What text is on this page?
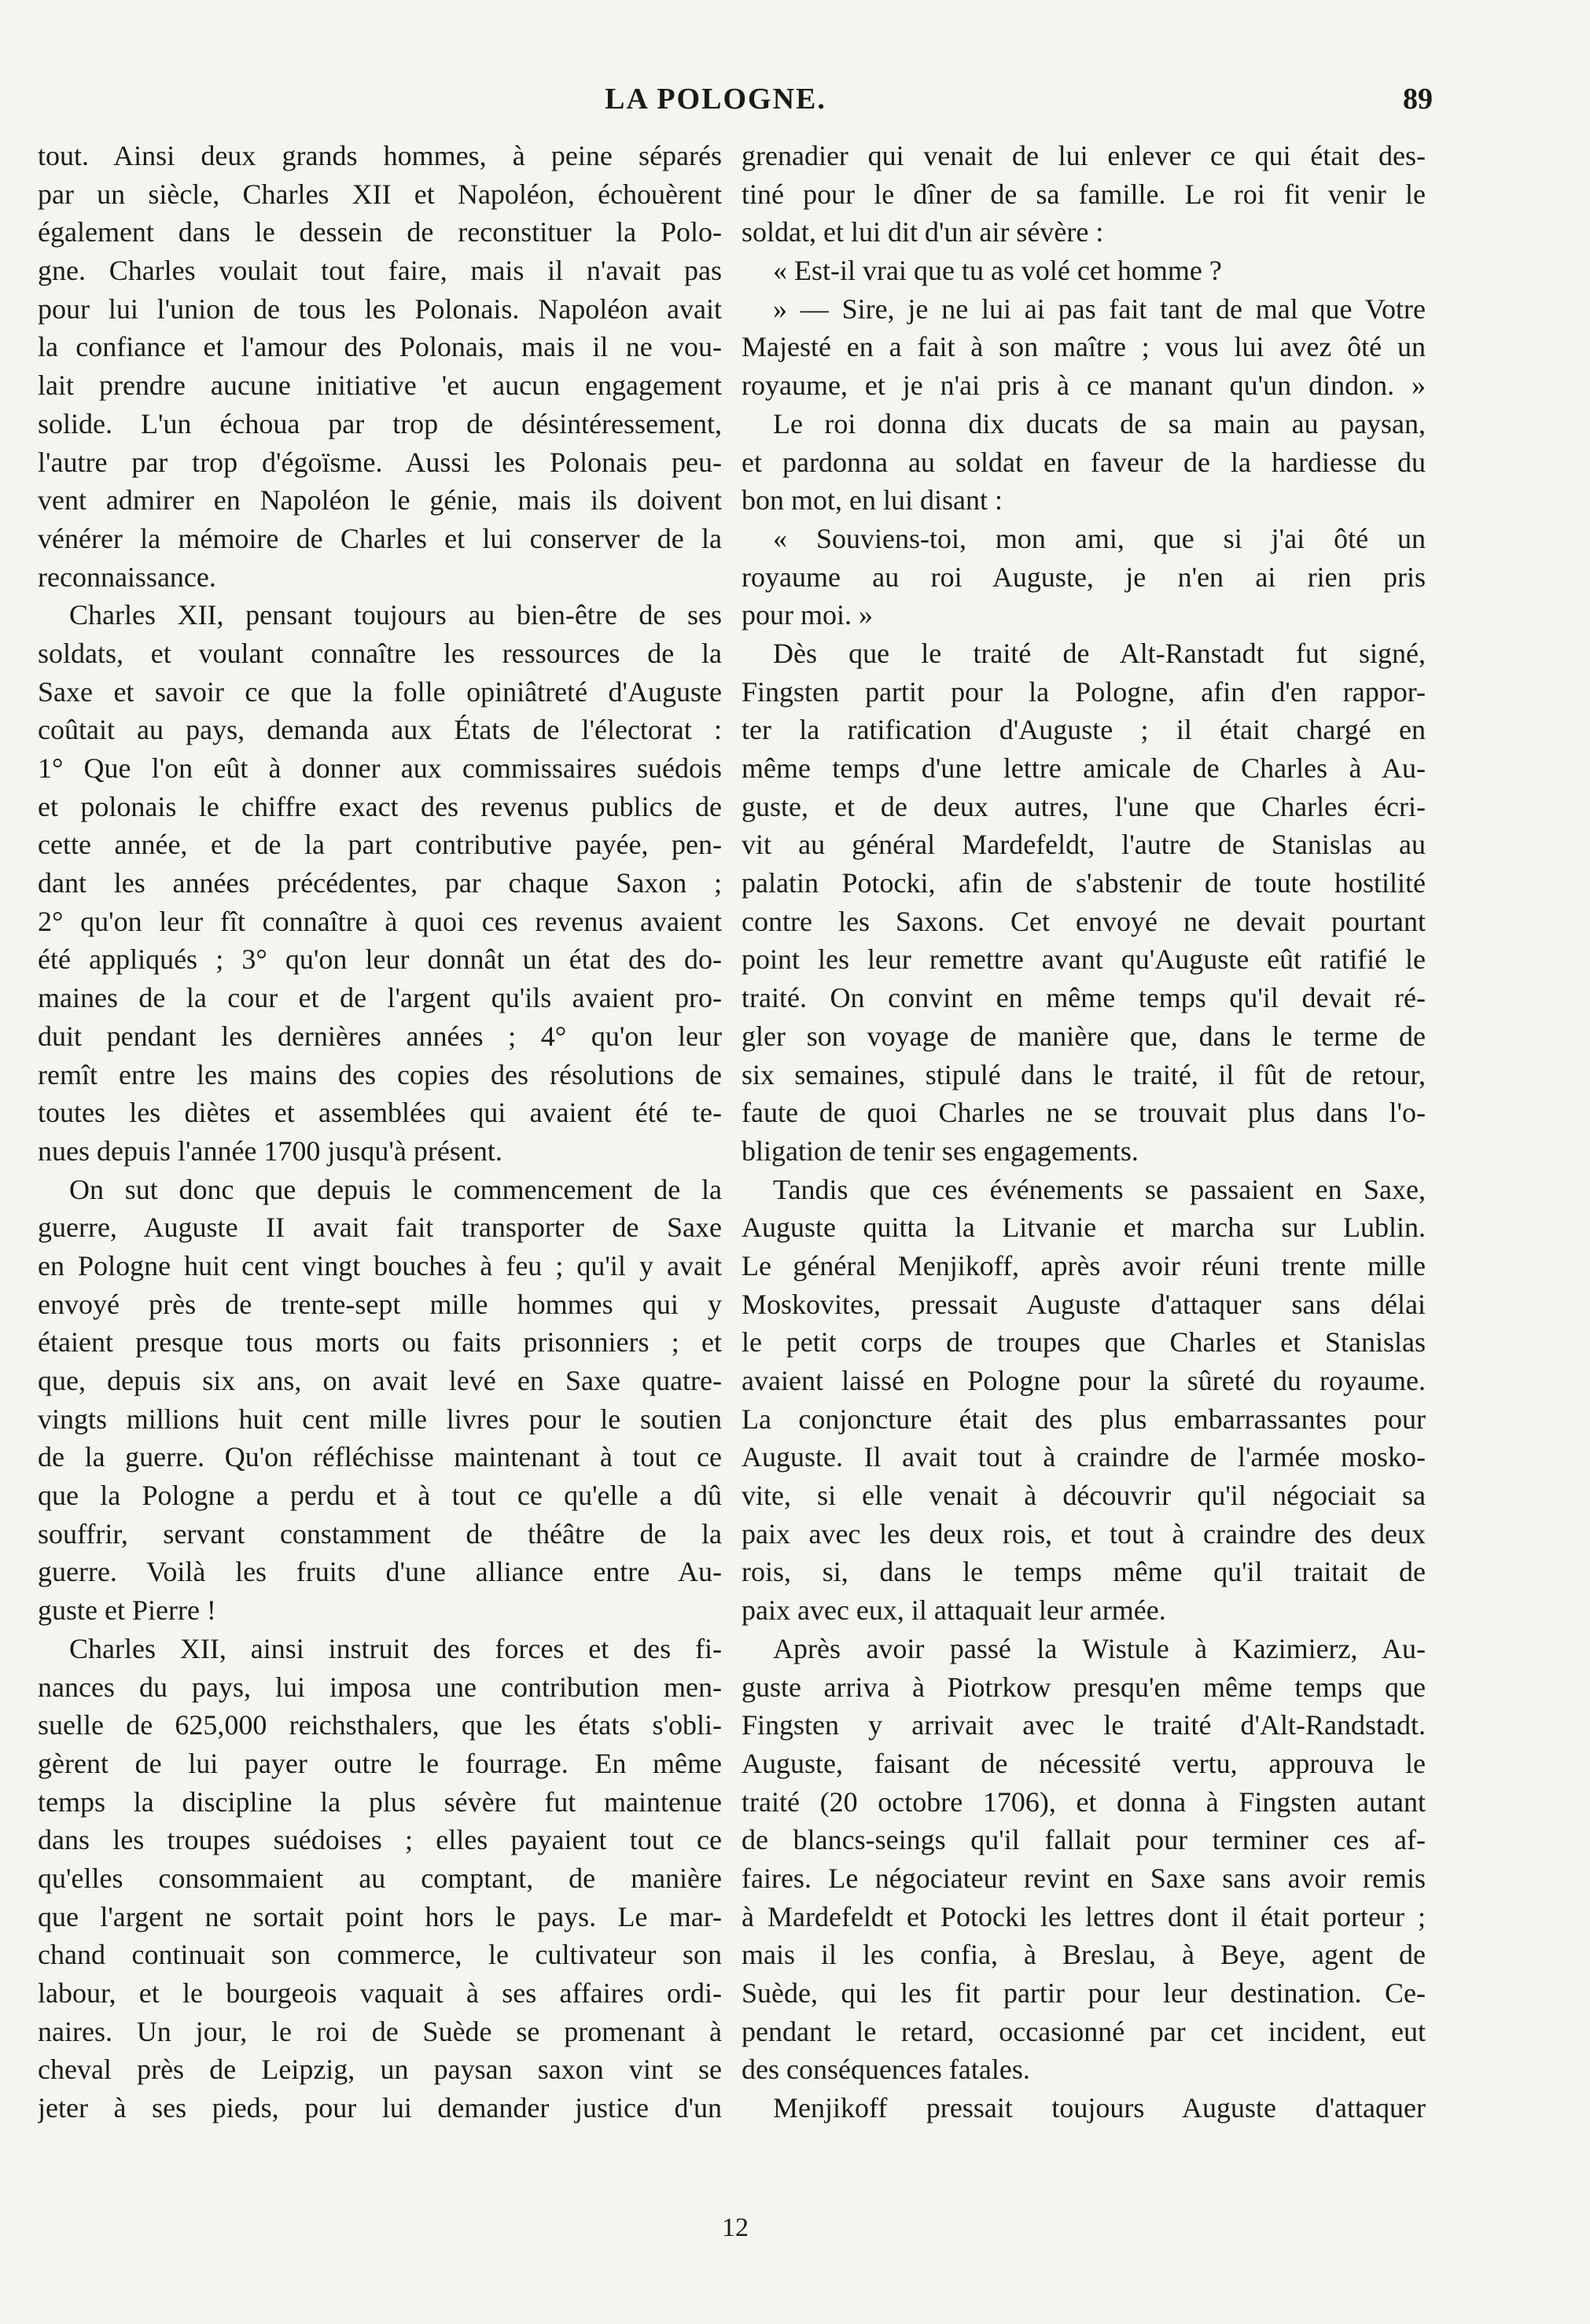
LA POLOGNE.	89
tout. Ainsi deux grands hommes, à peine séparés
par un siècle, Charles XII et Napoléon, échouèrent
également dans le dessein de reconstituer la Polo-
gne. Charles voulait tout faire, mais il n'avait pas
pour lui l'union de tous les Polonais. Napoléon avait
la confiance et l'amour des Polonais, mais il ne vou-
lait prendre aucune initiative 'et aucun engagement
solide. L'un échoua par trop de désintéressement,
l'autre par trop d'égoïsme. Aussi les Polonais peu-
vent admirer en Napoléon le génie, mais ils doivent
vénérer la mémoire de Charles et lui conserver de la
reconnaissance.
Charles XII, pensant toujours au bien-être de ses
soldats, et voulant connaître les ressources de la
Saxe et savoir ce que la folle opiniâtreté d'Auguste
coûtait au pays, demanda aux États de l'électorat :
1° Que l'on eût à donner aux commissaires suédois
et polonais le chiffre exact des revenus publics de
cette année, et de la part contributive payée, pen-
dant les années précédentes, par chaque Saxon ;
2° qu'on leur fît connaître à quoi ces revenus avaient
été appliqués ; 3° qu'on leur donnât un état des do-
maines de la cour et de l'argent qu'ils avaient pro-
duit pendant les dernières années ; 4° qu'on leur
remît entre les mains des copies des résolutions de
toutes les diètes et assemblées qui avaient été te-
nues depuis l'année 1700 jusqu'à présent.
On sut donc que depuis le commencement de la
guerre, Auguste II avait fait transporter de Saxe
en Pologne huit cent vingt bouches à feu ; qu'il y avait
envoyé près de trente-sept mille hommes qui y
étaient presque tous morts ou faits prisonniers ; et
que, depuis six ans, on avait levé en Saxe quatre-
vingts millions huit cent mille livres pour le soutien
de la guerre. Qu'on réfléchisse maintenant à tout ce
que la Pologne a perdu et à tout ce qu'elle a dû
souffrir, servant constamment de théâtre de la
guerre. Voilà les fruits d'une alliance entre Au-
guste et Pierre !
Charles XII, ainsi instruit des forces et des fi-
nances du pays, lui imposa une contribution men-
suelle de 625,000 reichsthalers, que les états s'obli-
gèrent de lui payer outre le fourrage. En même
temps la discipline la plus sévère fut maintenue
dans les troupes suédoises ; elles payaient tout ce
qu'elles consommaient au comptant, de manière
que l'argent ne sortait point hors le pays. Le mar-
chand continuait son commerce, le cultivateur son
labour, et le bourgeois vaquait à ses affaires ordi-
naires. Un jour, le roi de Suède se promenant à
cheval près de Leipzig, un paysan saxon vint se
jeter à ses pieds, pour lui demander justice d'un
grenadier qui venait de lui enlever ce qui était des-
tiné pour le dîner de sa famille. Le roi fit venir le
soldat, et lui dit d'un air sévère :
« Est-il vrai que tu as volé cet homme ?
» — Sire, je ne lui ai pas fait tant de mal que Votre
Majesté en a fait à son maître ; vous lui avez ôté un
royaume, et je n'ai pris à ce manant qu'un dindon. »
Le roi donna dix ducats de sa main au paysan,
et pardonna au soldat en faveur de la hardiesse du
bon mot, en lui disant :
« Souviens-toi, mon ami, que si j'ai ôté un
royaume au roi Auguste, je n'en ai rien pris
pour moi. »
Dès que le traité de Alt-Ranstadt fut signé,
Fingsten partit pour la Pologne, afin d'en rappor-
ter la ratification d'Auguste ; il était chargé en
même temps d'une lettre amicale de Charles à Au-
guste, et de deux autres, l'une que Charles écri-
vit au général Mardefeldt, l'autre de Stanislas au
palatin Potocki, afin de s'abstenir de toute hostilité
contre les Saxons. Cet envoyé ne devait pourtant
point les leur remettre avant qu'Auguste eût ratifié le
traité. On convint en même temps qu'il devait ré-
gler son voyage de manière que, dans le terme de
six semaines, stipulé dans le traité, il fût de retour,
faute de quoi Charles ne se trouvait plus dans l'o-
bligation de tenir ses engagements.
Tandis que ces événements se passaient en Saxe,
Auguste quitta la Litvanie et marcha sur Lublin.
Le général Menjikoff, après avoir réuni trente mille
Moskovites, pressait Auguste d'attaquer sans délai
le petit corps de troupes que Charles et Stanislas
avaient laissé en Pologne pour la sûreté du royaume.
La conjoncture était des plus embarrassantes pour
Auguste. Il avait tout à craindre de l'armée mosko-
vite, si elle venait à découvrir qu'il négociait sa
paix avec les deux rois, et tout à craindre des deux
rois, si, dans le temps même qu'il traitait de
paix avec eux, il attaquait leur armée.
Après avoir passé la Wistule à Kazimierz, Au-
guste arriva à Piotrkow presqu'en même temps que
Fingsten y arrivait avec le traité d'Alt-Randstadt.
Auguste, faisant de nécessité vertu, approuva le
traité (20 octobre 1706), et donna à Fingsten autant
de blancs-seings qu'il fallait pour terminer ces af-
faires. Le négociateur revint en Saxe sans avoir remis
à Mardefeldt et Potocki les lettres dont il était porteur ;
mais il les confia, à Breslau, à Beye, agent de
Suède, qui les fit partir pour leur destination. Ce-
pendant le retard, occasionné par cet incident, eut
des conséquences fatales.
Menjikoff pressait toujours Auguste d'attaquer
12
